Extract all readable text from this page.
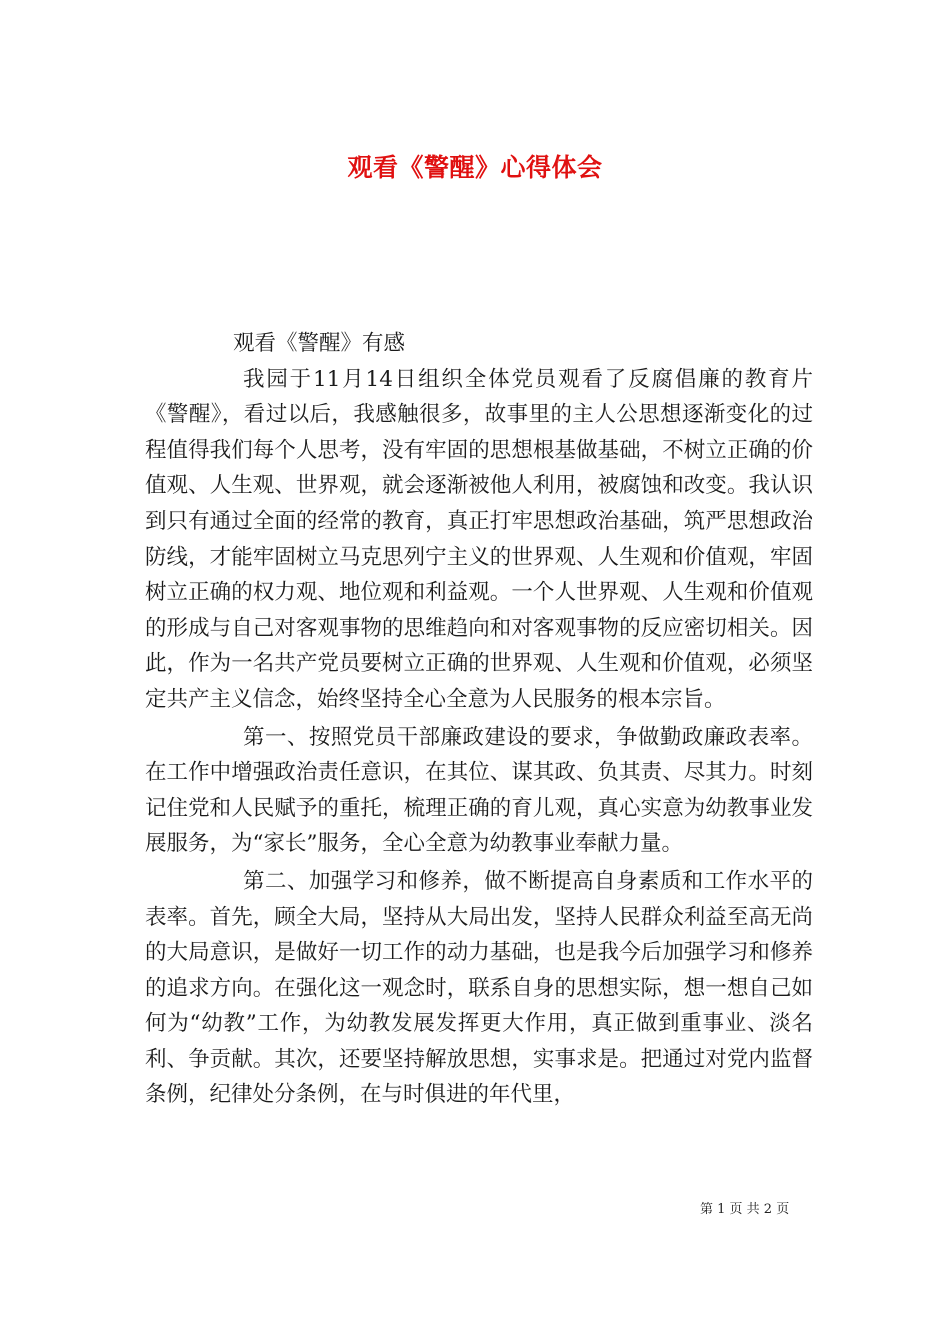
观看《警醒》心得体会

观看《警醒》有感

我园于11月14日组织全体党员观看了反腐倡廉的教育片《警醒》，看过以后，我感触很多，故事里的主人公思想逐渐变化的过程值得我们每个人思考，没有牢固的思想根基做基础，不树立正确的价值观、人生观、世界观，就会逐渐被他人利用，被腐蚀和改变。我认识到只有通过全面的经常的教育，真正打牢思想政治基础，筑严思想政治防线，才能牢固树立马克思列宁主义的世界观、人生观和价值观，牢固树立正确的权力观、地位观和利益观。一个人世界观、人生观和价值观的形成与自己对客观事物的思维趋向和对客观事物的反应密切相关。因此，作为一名共产党员要树立正确的世界观、人生观和价值观，必须坚定共产主义信念，始终坚持全心全意为人民服务的根本宗旨。

第一、按照党员干部廉政建设的要求，争做勤政廉政表率。在工作中增强政治责任意识，在其位、谋其政、负其责、尽其力。时刻记住党和人民赋予的重托，梳理正确的育儿观，真心实意为幼教事业发展服务，为“家长”服务，全心全意为幼教事业奉献力量。

第二、加强学习和修养，做不断提高自身素质和工作水平的表率。首先，顾全大局，坚持从大局出发，坚持人民群众利益至高无尚的大局意识，是做好一切工作的动力基础，也是我今后加强学习和修养的追求方向。在强化这一观念时，联系自身的思想实际，想一想自己如何为“幼教”工作，为幼教发展发挥更大作用，真正做到重事业、淡名利、争贡献。其次，还要坚持解放思想，实事求是。把通过对党内监督条例，纪律处分条例，在与时俱进的年代里，

第 1 页 共 2 页
